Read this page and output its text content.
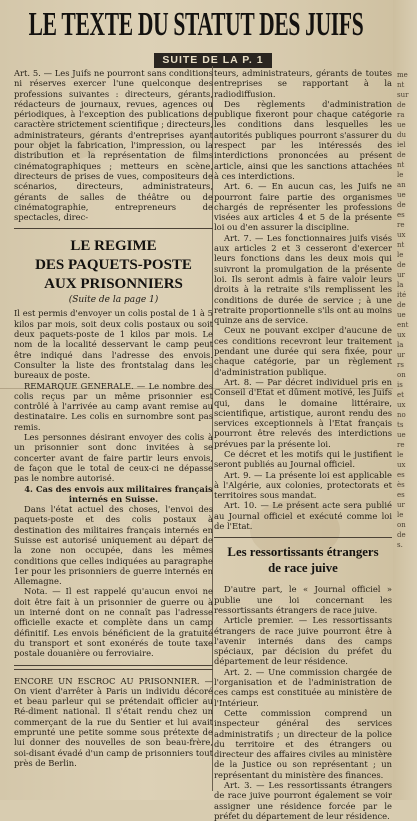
LE TEXTE DU STATUT DES JUIFS
SUITE DE LA P. 1

Art. 5. — Les Juifs ne pourront sans conditions ni réserves exercer l'une quelconque des professions suivantes : directeurs, gérants, rédacteurs de journaux, revues, agences ou périodiques, à l'exception des publications de caractère strictement scientifique ; directeurs, administrateurs, gérants d'entreprises ayant pour objet la fabrication, l'impression, ou la distribution et la représentation de films cinématographiques ; metteurs en scène, directeurs de prises de vues, compositeurs de scénarios, directeurs, administrateurs, gérants de salles de théâtre ou de cinématographie, entrepreneurs de spectacles, direc-

LE REGIME
DES PAQUETS-POSTE
AUX PRISONNIERS
(Suite de la page 1)

Il est permis d'envoyer un colis postal de 1 à 5 kilos par mois, soit deux colis postaux ou soit deux paquets-poste de 1 kilos par mois. Le nom de la localité desservant le camp peut être indiqué dans l'adresse des envois. Consulter la liste des frontstalag dans les bureaux de poste.

REMARQUE GENERALE. — Le nombre des colis reçus par un même prisonnier est contrôlé à l'arrivée au camp avant remise au destinataire. Les colis en surnombre sont pas remis.

Les personnes désirant envoyer des colis à un prisonnier sont donc invitées à se concerter avant de faire partir leurs envois, de façon que le total de ceux-ci ne dépasse pas le nombre autorisé.

4. Cas des envois aux militaires français internés en Suisse.

Dans l'état actuel des choses, l'envoi des paquets-poste et des colis postaux à destination des militaires français internés en Suisse est autorisé uniquement au départ de la zone non occupée, dans les mêmes conditions que celles indiquées au paragraphe 1er pour les prisonniers de guerre internés en Allemagne.

Nota. — Il est rappelé qu'aucun envoi ne doit être fait à un prisonnier de guerre ou à un interné dont on ne connaît pas l'adresse officielle exacte et complète dans un camp définitif. Les envois bénéficient de la gratuité du transport et sont exonérés de toute taxe postale douanière ou ferroviaire.

ENCORE UN ESCROC AU PRISONNIER. — On vient d'arrêter à Paris un individu décoré et beau parleur qui se prétendait officier au Ré-diment national. Il s'était rendu chez un commerçant de la rue du Sentier et lui avait emprunté une petite somme sous prétexte de lui donner des nouvelles de son beau-frère, soi-disant évadé d'un camp de prisonniers tout près de Berlin.

teurs, administrateurs, gérants de toutes entreprises se rapportant à la radiodiffusion.

Des règlements d'administration publique fixeront pour chaque catégorie les conditions dans lesquelles les autorités publiques pourront s'assurer du respect par les intéressés des interdictions prononcées au présent article, ainsi que les sanctions attachées à ces interdictions.

Art. 6. — En aucun cas, les Juifs ne pourront faire partie des organismes chargés de représenter les professions visées aux articles 4 et 5 de la présente loi ou d'en assurer la discipline.

Art. 7. — Les fonctionnaires juifs visés aux articles 2 et 3 cesseront d'exercer leurs fonctions dans les deux mois qui suivront la promulgation de la présente loi. Ils seront admis à faire valoir leurs droits à la retraite s'ils remplissent les conditions de durée de service ; à une retraite proportionnelle s'ils ont au moins quinze ans de service.

Ceux ne pouvant exciper d'aucune de ces conditions recevront leur traitement pendant une durée qui sera fixée, pour chaque catégorie, par un règlement d'administration publique.

Art. 8. — Par décret individuel pris en Conseil d'Etat et dûment motivé, les Juifs qui, dans le domaine littéraire, scientifique, artistique, auront rendu des services exceptionnels à l'Etat français pourront être relevés des interdictions prévues par la présente loi.

Ce décret et les motifs qui le justifient seront publiés au Journal officiel.

Art. 9. — La présente loi est applicable à l'Algérie, aux colonies, protectorats et territoires sous mandat.

Art. 10. — Le présent acte sera publié au Journal officiel et exécuté comme loi de l'Etat.

Les ressortissants étrangers
de race juive

D'autre part, le « Journal officiel » publie une loi concernant les ressortissants étrangers de race juive.

Article premier. — Les ressortissants étrangers de race juive pourront être à l'avenir internés dans des camps spéciaux, par décision du préfet du département de leur résidence.

Art. 2. — Une commission chargée de l'organisation et de l'administration de ces camps est constituée au ministère de l'Intérieur.

Cette commission comprend un inspecteur général des services administratifs ; un directeur de la police du territoire et des étrangers ou directeur des affaires civiles au ministère de la Justice ou son représentant ; un représentant du ministère des finances.

Art. 3. — Les ressortissants étrangers de race juive pourront également se voir assigner une résidence forcée par le préfet du département de leur résidence.

me
nt
sur
de
ra
ue
du
iel
de
nt
le
an
ue
de
es
re
ux
nt
le
de
ur
la
ité
de
ue
ent
ux
la
ur
rs
on
is
et
ux
no
ts
ue
re
le
ux
es
ès
es
ur
le
on
de
s.
